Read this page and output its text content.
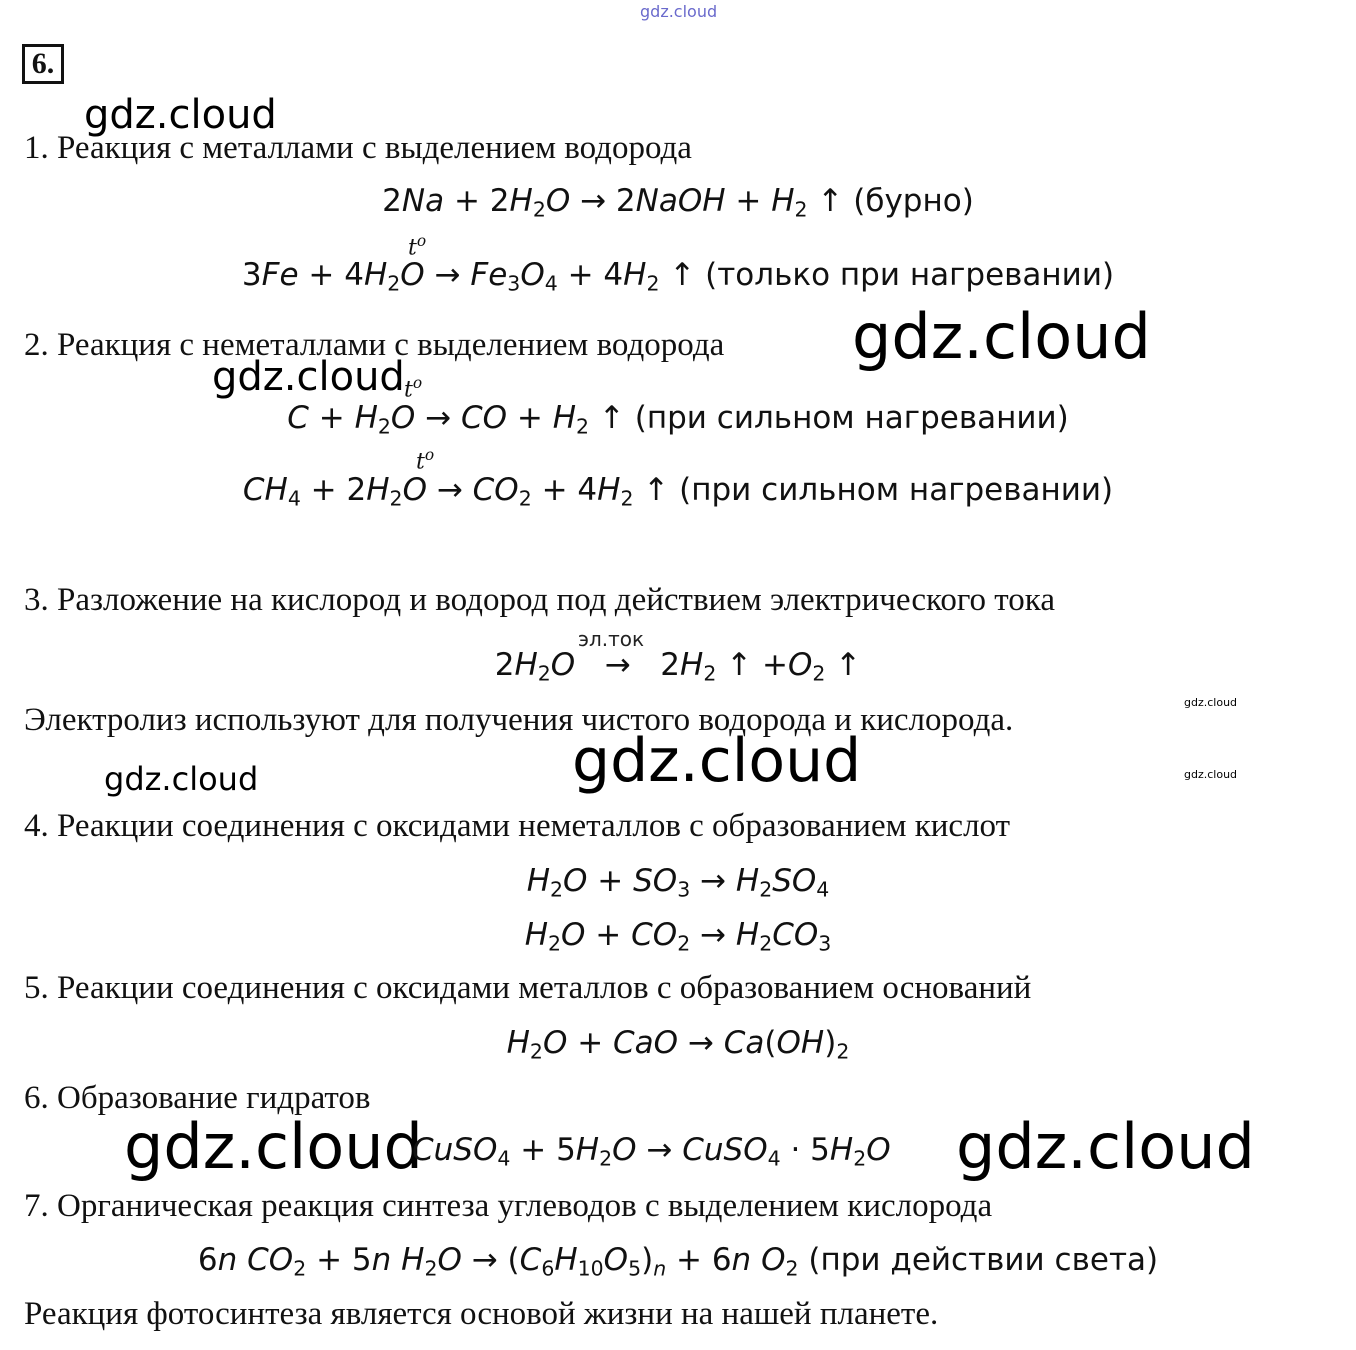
gdz.cloud
gdz.cloud
6.
1. Реакция с металлами с выделением водорода
$2Na + 2H_2O$ → 2NaOH + $H_2$ ↑ (бурно)
$t^o$
$3Fe + 4H_2O \to Fe_3O_4 + 4H_2$ ↑ (только при нагревании)
2. Реакция с неметаллами с выделением водорода gdz.cloud
gdz.cloud $t^o$
$C + H_2O$ → CO + $H_2$ ↑ (при сильном нагревании)
$t^o$
$CH_4 + 2H_2O \to CO_2 + 4H_2$ ↑ (при сильном нагревании)
3. Разложение на кислород и водород под действием электрического тока
эл.ток
$2H_2O \to 2H_2$ ↑ $+O_2$ ↑
gdz.cloud
Электролиз используют для получения чистого водорода и кислорода.
gdz.cloud
gdz.cloud	gdz.cloud
4. Реакции соединения с оксидами неметаллов с образованием кислот
$H_2O + SO_3 \to H_2SO_4$
$H_2O + CO_2 \to H_2CO_3$
5. Реакции соединения с оксидами металлов с образованием оснований
$H_2O$ + CaO → $Ca(OH)_2$
6. Образование гидратов
gdz.cloud
CuSO$_4$ + $5H_2O$ → CuSO$_4$ · $5H_2O$ gdz.cloud
7. Органическая реакция синтеза углеводов с выделением кислорода
6n $CO_2 + 5n$ $H_2O \to (C_6H_{10}O_5)_n + 6n$ $O_2$ (при действии света)
Реакция фотосинтеза является основой жизни на нашей планете.
